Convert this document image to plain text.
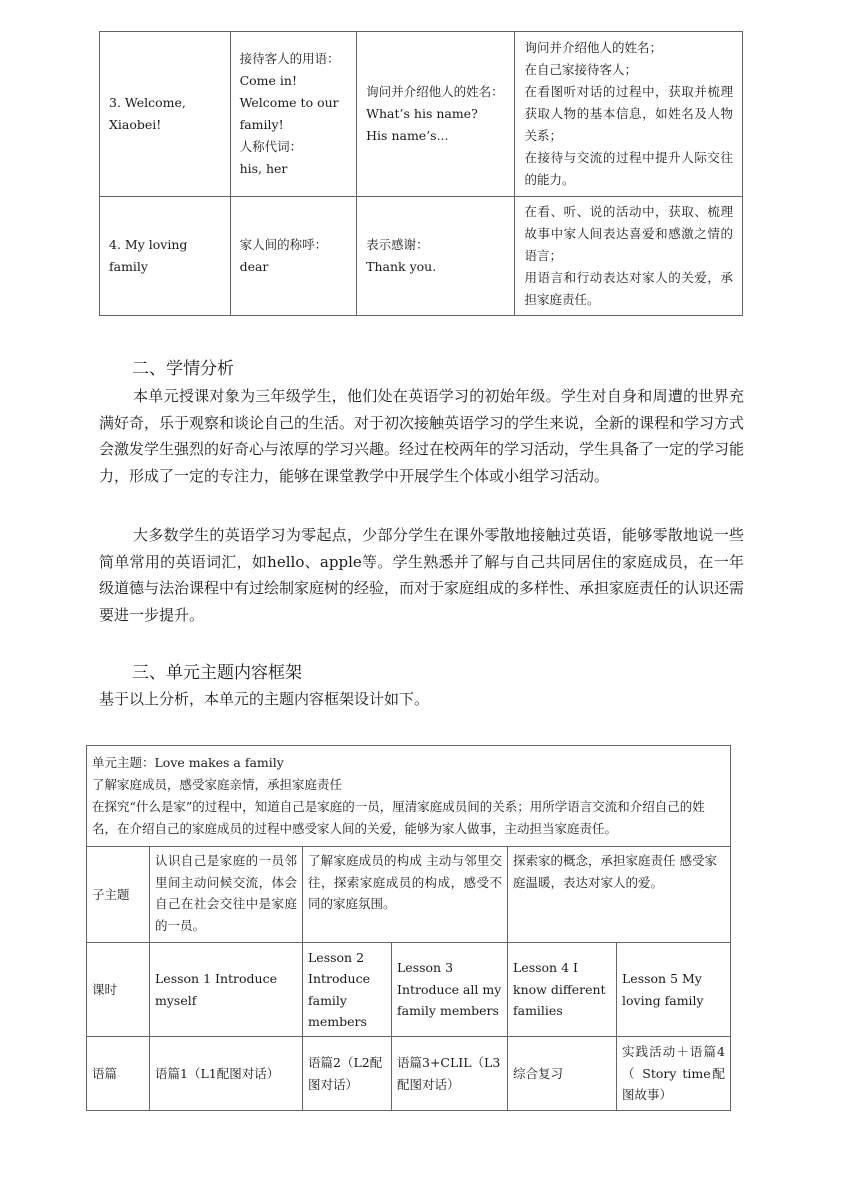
3. Welcome, Xiaobei!	接待客人的用语：
Come in!
Welcome to our family!
人称代词：
his, her	询问并介绍他人的姓名：
What’s his name?
His name’s...	询问并介绍他人的姓名；
在自己家接待客人；
在看图听对话的过程中，获取并梳理获取人物的基本信息，如姓名及人物关系；
在接待与交流的过程中提升人际交往的能力。

4. My loving family	家人间的称呼：
dear	表示感谢：
Thank you.	在看、听、说的活动中，获取、梳理故事中家人间表达喜爱和感激之情的语言；
用语言和行动表达对家人的关爱，承担家庭责任。
二、学情分析

本单元授课对象为三年级学生，他们处在英语学习的初始年级。学生对自身和周遭的世界充满好奇，乐于观察和谈论自己的生活。对于初次接触英语学习的学生来说，全新的课程和学习方式会激发学生强烈的好奇心与浓厚的学习兴趣。经过在校两年的学习活动，学生具备了一定的学习能力，形成了一定的专注力，能够在课堂教学中开展学生个体或小组学习活动。

大多数学生的英语学习为零起点，少部分学生在课外零散地接触过英语，能够零散地说一些简单常用的英语词汇，如hello、apple等。学生熟悉并了解与自己共同居住的家庭成员，在一年级道德与法治课程中有过绘制家庭树的经验，而对于家庭组成的多样性、承担家庭责任的认识还需要进一步提升。

三、单元主题内容框架

基于以上分析，本单元的主题内容框架设计如下。

单元主题：Love makes a family
了解家庭成员，感受家庭亲情，承担家庭责任
在探究“什么是家”的过程中，知道自己是家庭的一员，厘清家庭成员间的关系；用所学语言交流和介绍自己的姓名，在介绍自己的家庭成员的过程中感受家人间的关爱，能够为家人做事，主动担当家庭责任。					

子主题	认识自己是家庭的一员邻里间主动问候交流，体会自己在社会交往中是家庭的一员。	了解家庭成员的构成 主动与邻里交往，探索家庭成员的构成，感受不同的家庭氛围。		探索家的概念，承担家庭责任 感受家庭温暖，表达对家人的爱。	
课时	Lesson 1 Introduce myself	Lesson 2 Introduce family members	Lesson 3 Introduce all my family members	Lesson 4 I know different families	Lesson 5 My loving family
语篇	语篇1（L1配图对话）	语篇2（L2配图对话）	语篇3+CLIL（L3配图对话）	综合复习	实践活动＋语篇4（ Story time配图故事）
